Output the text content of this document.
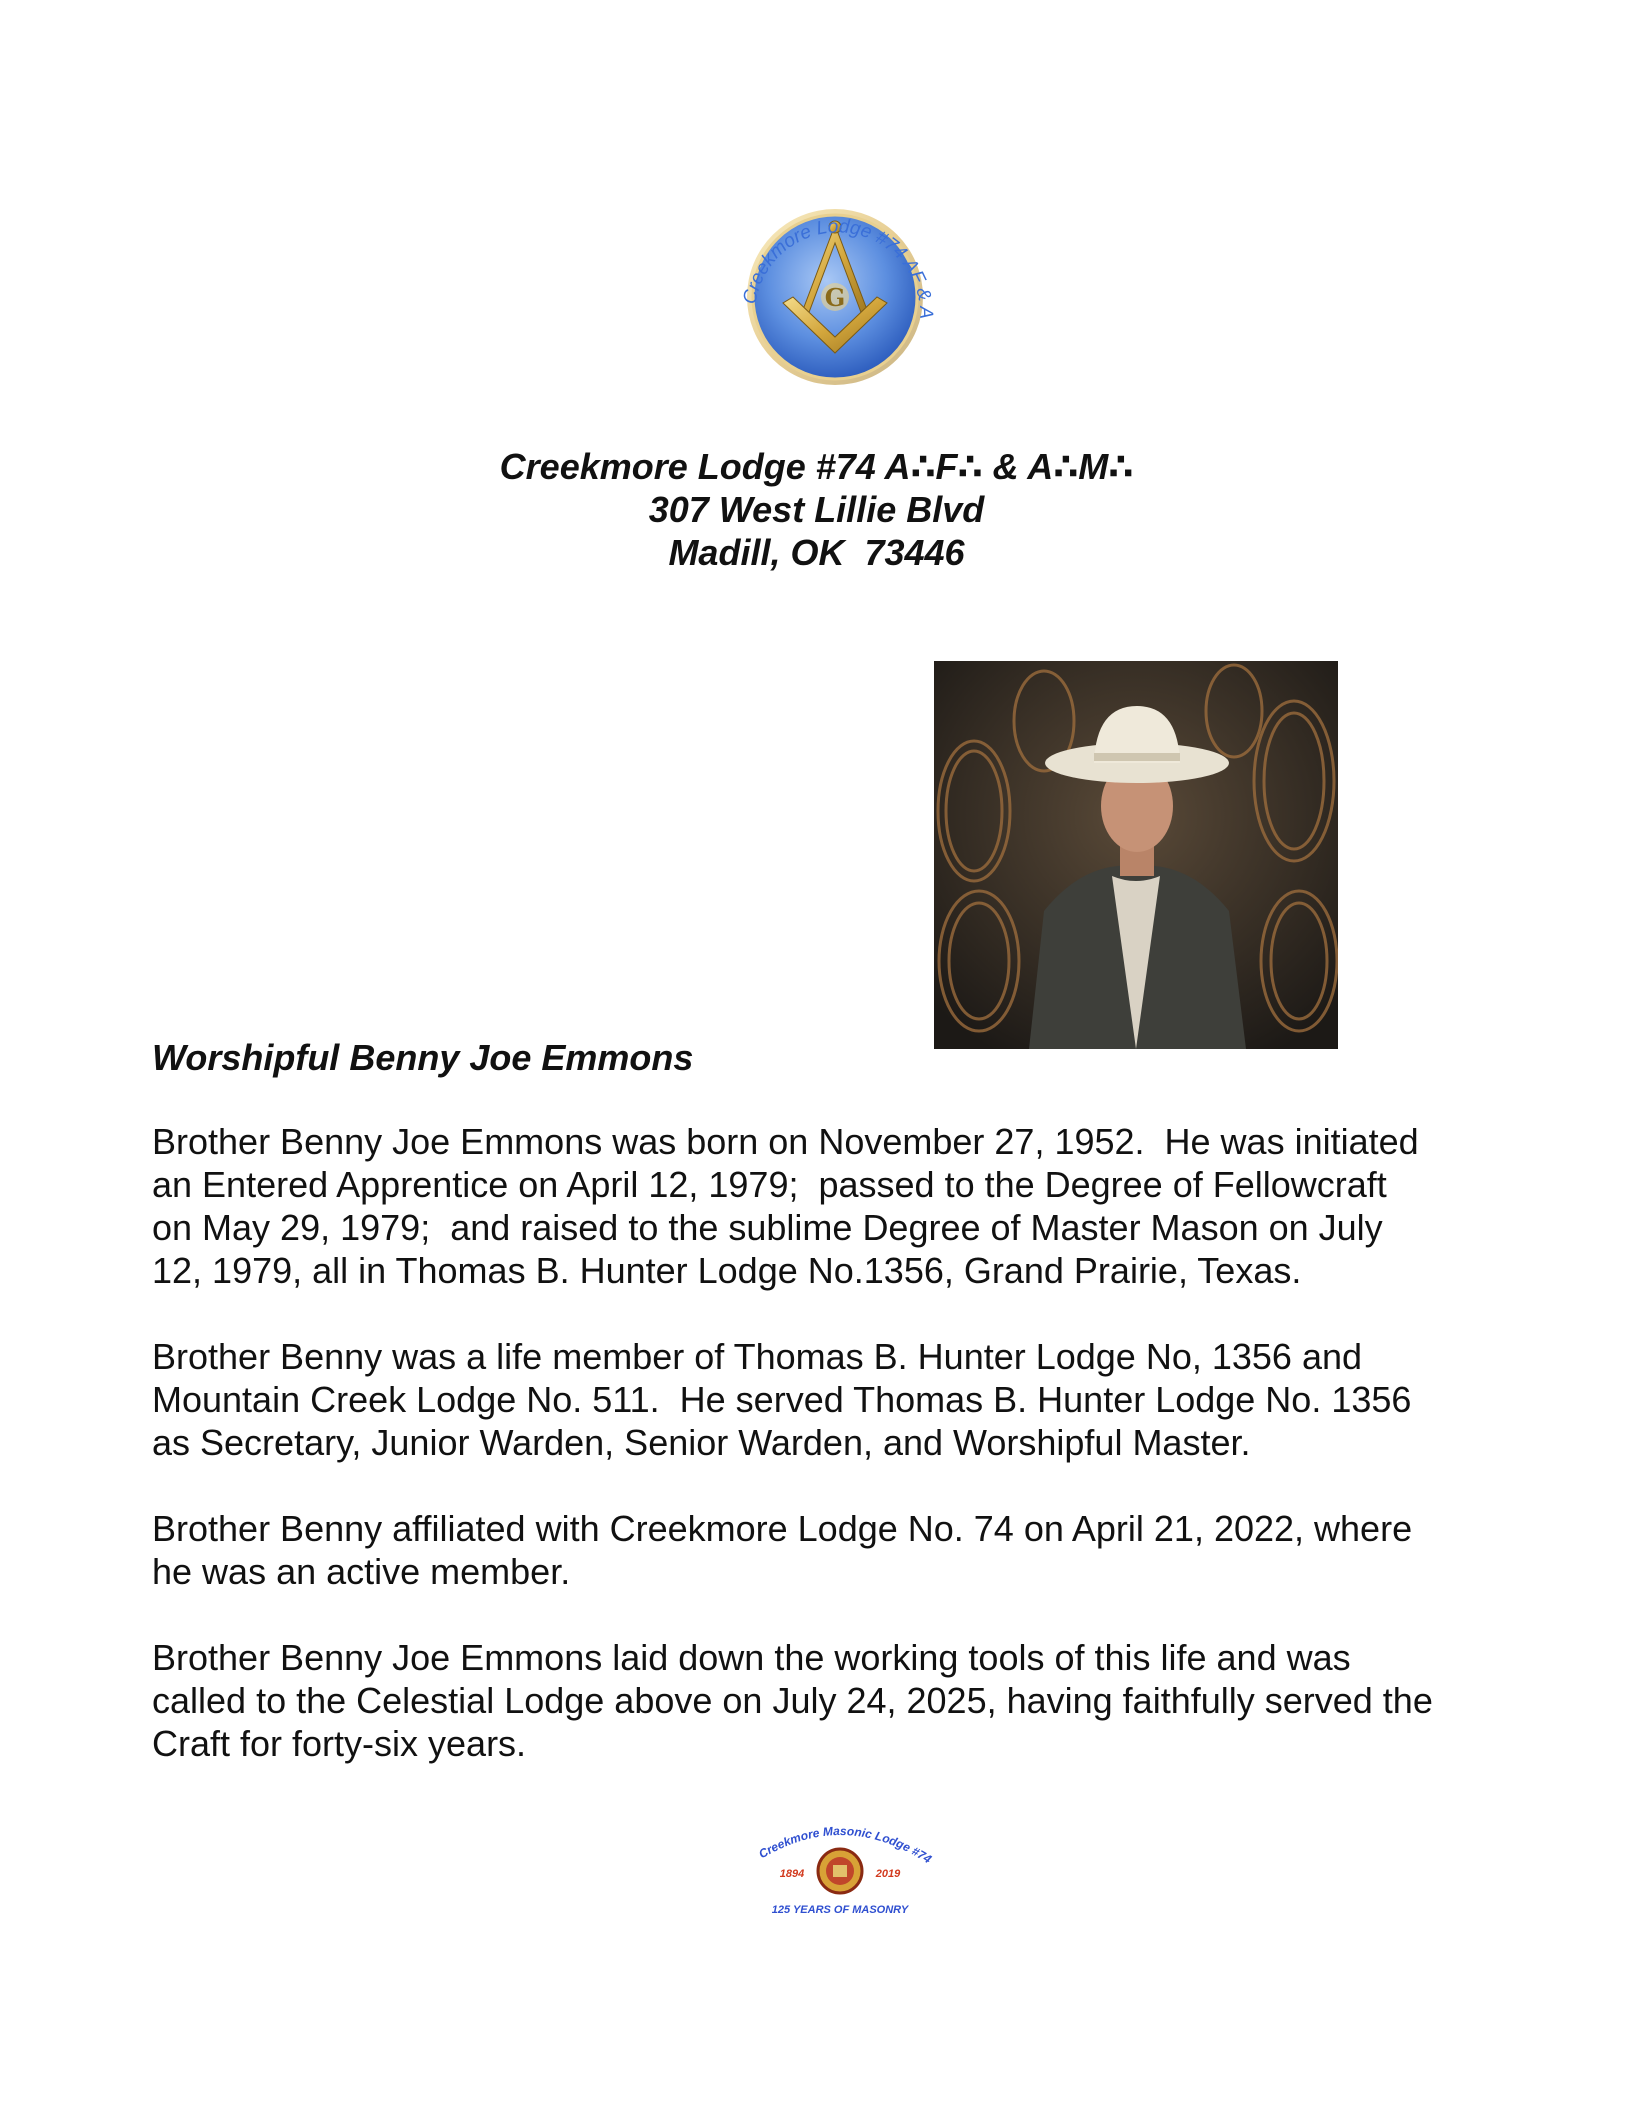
G
Creekmore Lodge #74 AF & A
Creekmore Lodge #74 A∴F∴ & A∴M∴
307 West Lillie Blvd
Madill, OK  73446
Worshipful Benny Joe Emmons

Brother Benny Joe Emmons was born on November 27, 1952.  He was initiated
an Entered Apprentice on April 12, 1979;  passed to the Degree of Fellowcraft
on May 29, 1979;  and raised to the sublime Degree of Master Mason on July
12, 1979, all in Thomas B. Hunter Lodge No.1356, Grand Prairie, Texas.

Brother Benny was a life member of Thomas B. Hunter Lodge No, 1356 and
Mountain Creek Lodge No. 511.  He served Thomas B. Hunter Lodge No. 1356
as Secretary, Junior Warden, Senior Warden, and Worshipful Master.

Brother Benny affiliated with Creekmore Lodge No. 74 on April 21, 2022, where
he was an active member.

Brother Benny Joe Emmons laid down the working tools of this life and was
called to the Celestial Lodge above on July 24, 2025, having faithfully served the
Craft for forty-six years.

Creekmore Masonic Lodge #74
1894	2019
125 YEARS OF MASONRY
